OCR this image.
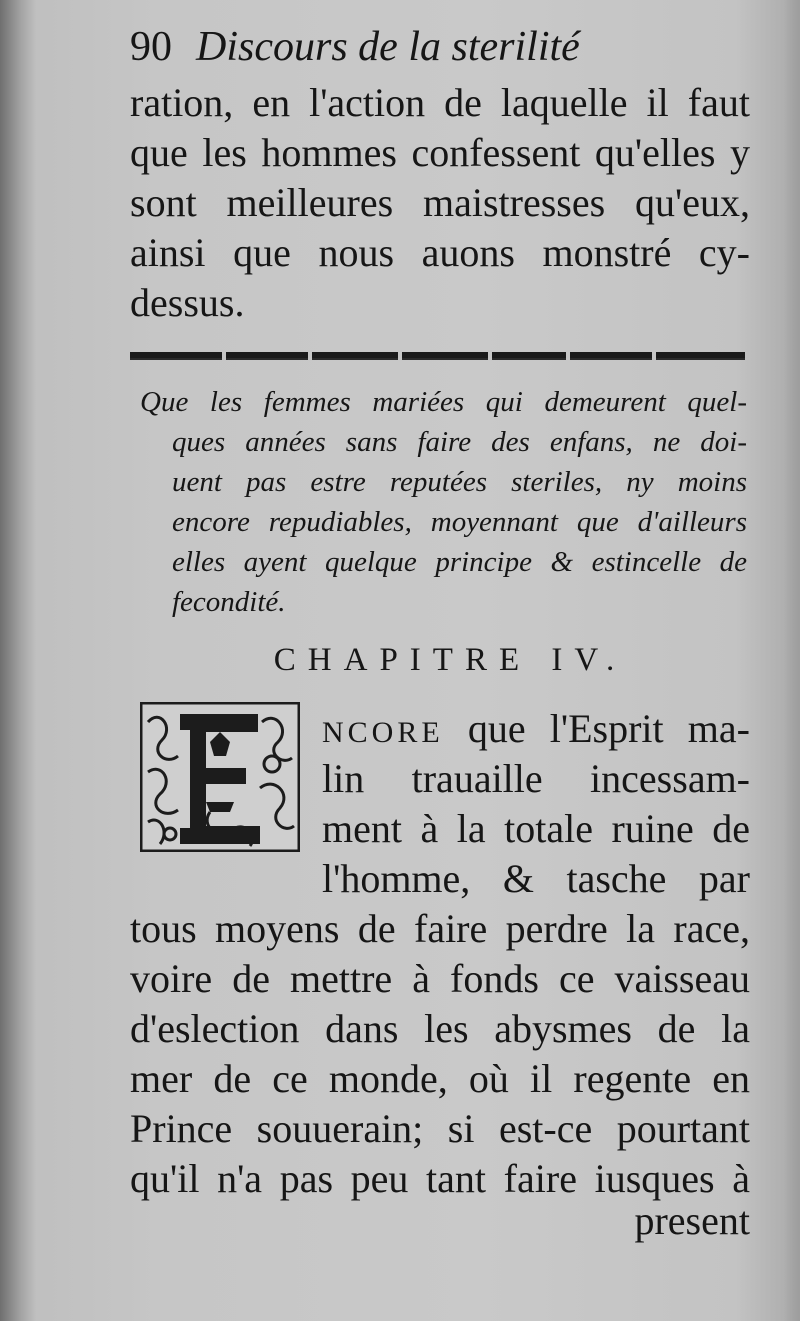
90 Discours de la sterilité
ration, en l'action de laquelle il faut
que les hommes confessent qu'elles y
sont meilleures maistresses qu'eux,
ainsi que nous auons monstré cy-
dessus.
Que les femmes mariées qui demeurent quel-
ques années sans faire des enfans, ne doi-
uent pas estre reputées steriles, ny moins
encore repudiables, moyennant que d'ailleurs
elles ayent quelque principe & estincelle de
fecondité.
CHAPITRE IV.
NCORE que l'Esprit ma-
lin trauaille incessam-
ment à la totale ruine de
l'homme, & tasche par
tous moyens de faire perdre la race,
voire de mettre à fonds ce vaisseau
d'eslection dans les abysmes de la
mer de ce monde, où il regente en
Prince souuerain; si est-ce pourtant
qu'il n'a pas peu tant faire iusques à
present
